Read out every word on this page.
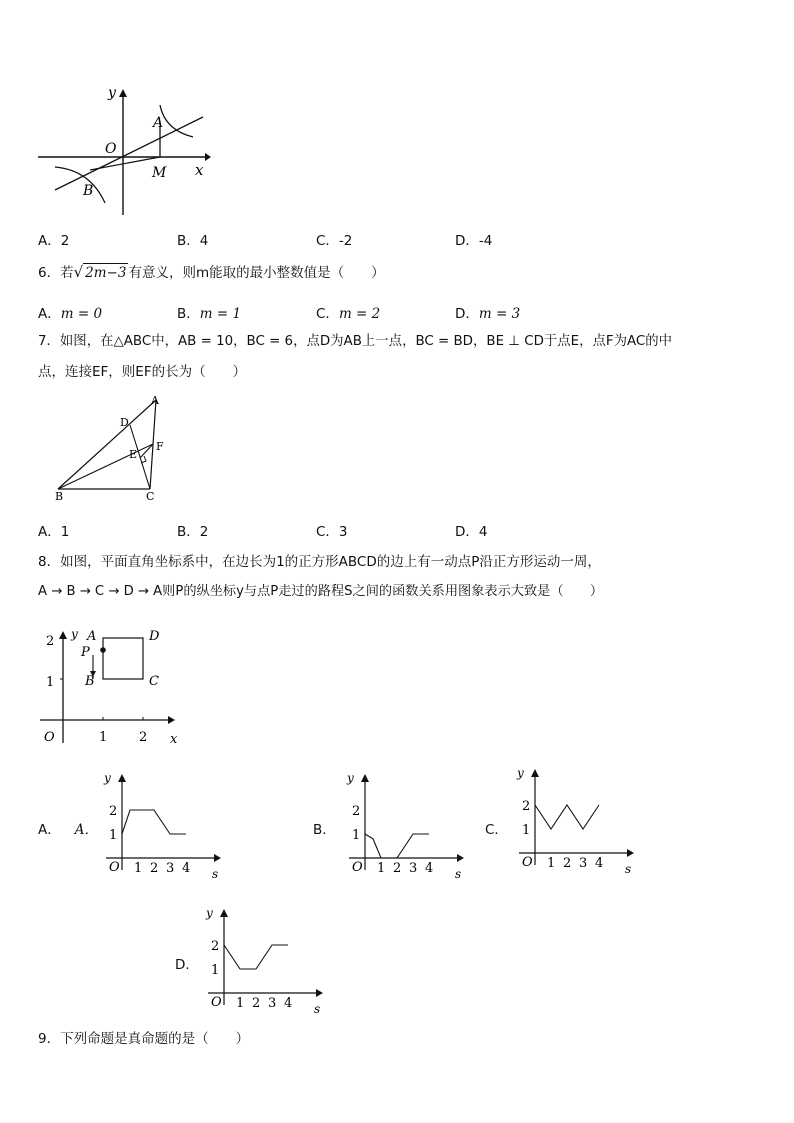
y
x
O
A
B
M
A．2	B．4	C．-2	D．-4
6．若√ 2m−3 有意义，则m能取的最小整数值是（　　）
A．m = 0	B．m = 1	C．m = 2	D．m = 3
7．如图，在△ABC中，AB = 10，BC = 6，点D为AB上一点，BC = BD，BE ⊥ CD于点E，点F为AC的中
点，连接EF，则EF的长为（　　）
A
D
F
E
B	C
A．1	B．2	C．3	D．4
8．如图，平面直角坐标系中，在边长为1的正方形ABCD的边上有一动点P沿正方形运动一周，
A → B → C → D → A则P的纵坐标y与点P走过的路程S之间的函数关系用图象表示大致是（　　）
y
x
O
2
1
1 2
A
P
B
D
C
A． A．	B．	C．
D．
y
s
O
1
2
1 2 3 4
y
s
O
1
2
1 2 3 4
y
s
O
1
2
1 2 3 4
y
s
O
1
2
1 2 3 4
9．下列命题是真命题的是（　　）
